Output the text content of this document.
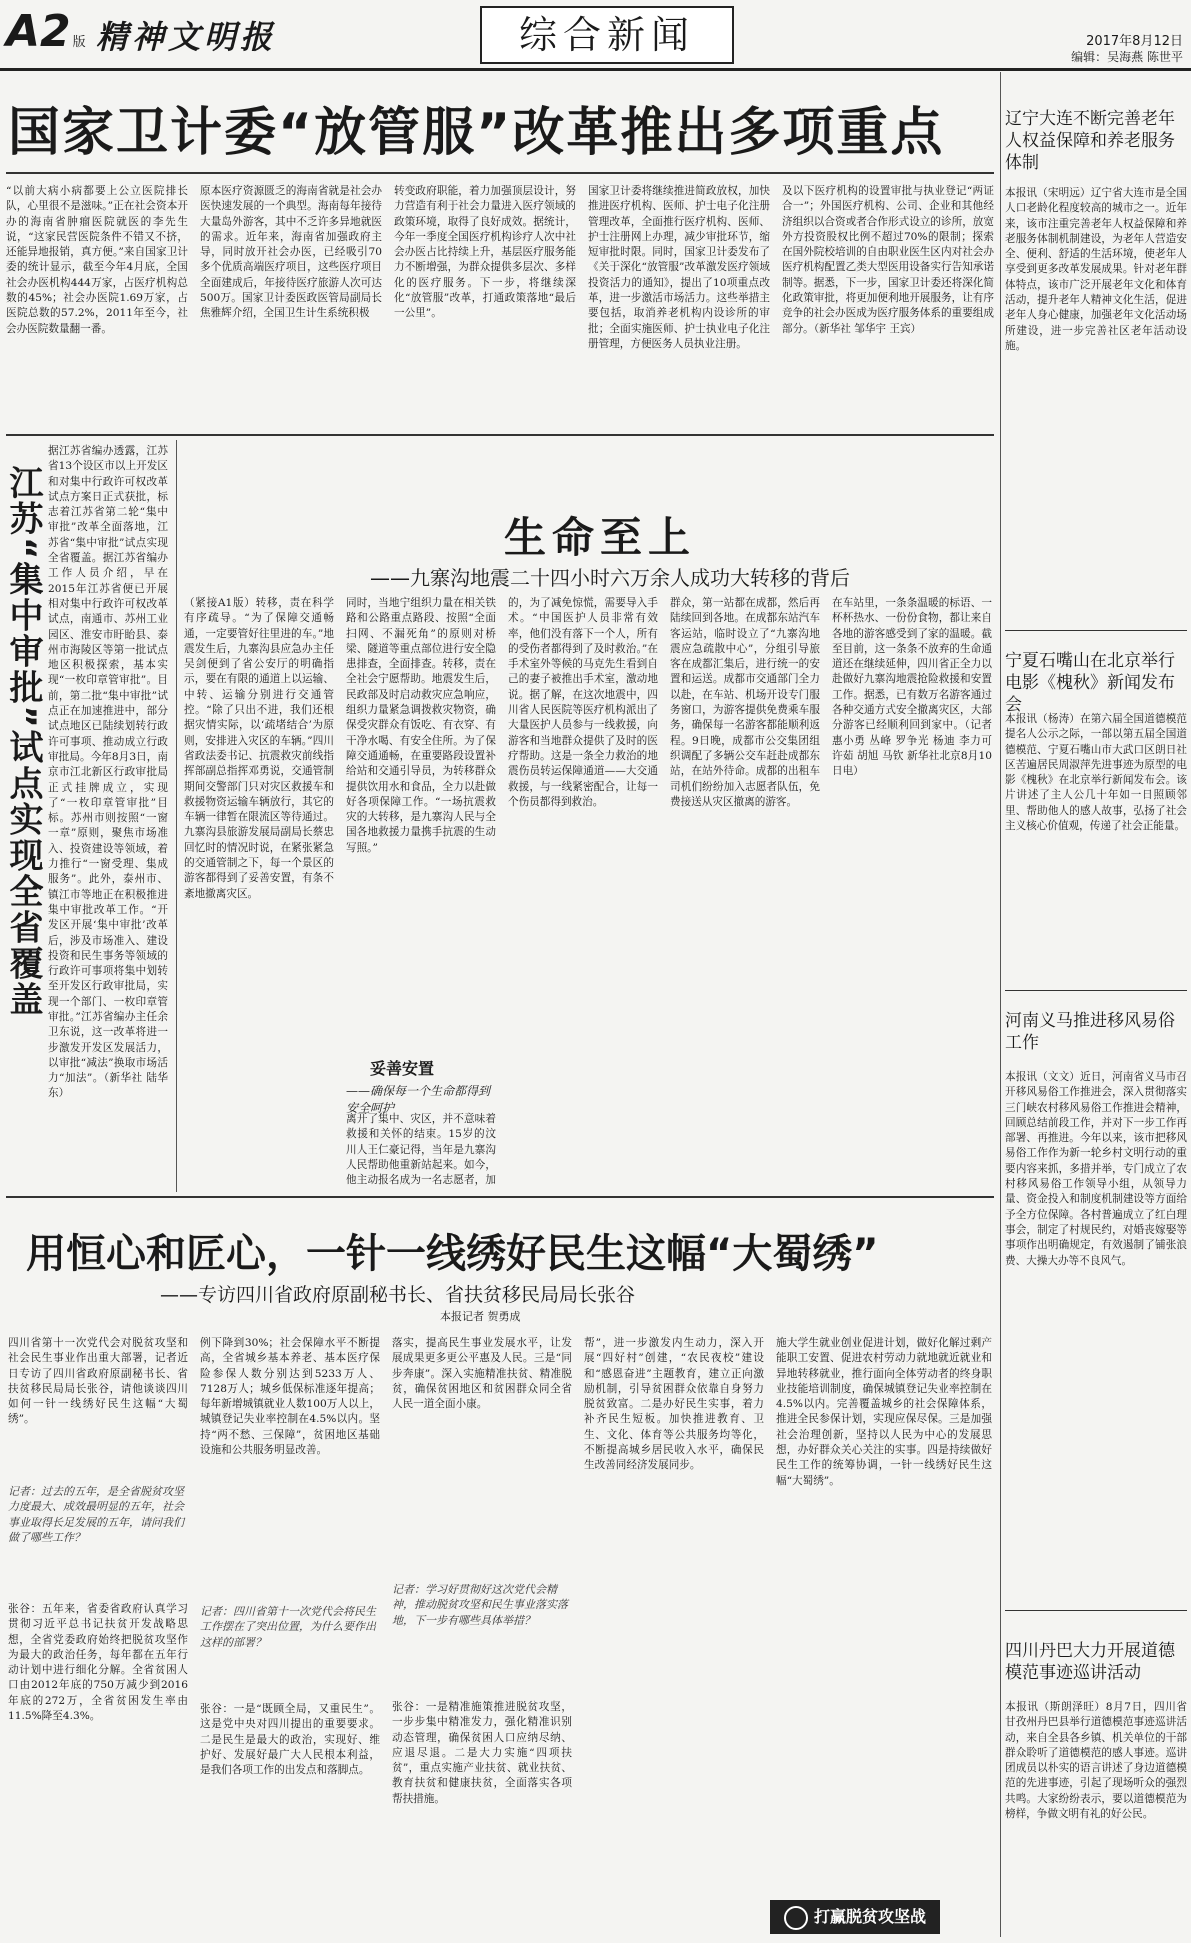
A2 版 精神文明报	综合新闻	2017年8月12日
编辑：吴海燕 陈世平
国家卫计委“放管服”改革推出多项重点
“以前大病小病都要上公立医院排长队，心里很不是滋味。”正在社会资本开办的海南省肿瘤医院就医的李先生说，“这家民营医院条件不错又不挤，还能异地报销，真方便。”来自国家卫计委的统计显示，截至今年4月底，全国社会办医机构444万家，占医疗机构总数的45%；社会办医院1.69万家，占医院总数的57.2%，2011年至今，社会办医院数量翻一番。
原本医疗资源匮乏的海南省就是社会办医快速发展的一个典型。海南每年接待大量岛外游客，其中不乏许多异地就医的需求。近年来，海南省加强政府主导，同时放开社会办医，已经吸引70多个优质高端医疗项目，这些医疗项目全面建成后，年接待医疗旅游人次可达500万。国家卫计委医政医管局副局长焦雅辉介绍，全国卫生计生系统积极
转变政府职能，着力加强顶层设计，努力营造有利于社会力量进入医疗领域的政策环境，取得了良好成效。据统计，今年一季度全国医疗机构诊疗人次中社会办医占比持续上升，基层医疗服务能力不断增强，为群众提供多层次、多样化的医疗服务。下一步，将继续深化“放管服”改革，打通政策落地“最后一公里”。
国家卫计委将继续推进简政放权，加快推进医疗机构、医师、护士电子化注册管理改革，全面推行医疗机构、医师、护士注册网上办理，减少审批环节，缩短审批时限。同时，国家卫计委发布了《关于深化“放管服”改革激发医疗领域投资活力的通知》，提出了10项重点改革，进一步激活市场活力。这些举措主要包括，取消养老机构内设诊所的审批；全面实施医师、护士执业电子化注册管理，方便医务人员执业注册。
及以下医疗机构的设置审批与执业登记“两证合一”；外国医疗机构、公司、企业和其他经济组织以合资或者合作形式设立的诊所，放宽外方投资股权比例不超过70%的限制；探索在国外院校培训的自由职业医生区内对社会办医疗机构配置乙类大型医用设备实行告知承诺制等。据悉，下一步，国家卫计委还将深化简化政策审批，将更加便利地开展服务，让有序竞争的社会办医成为医疗服务体系的重要组成部分。（新华社 邹华宇 王宾）
江苏“集中审批”试点实现全省覆盖
据江苏省编办透露，江苏省13个设区市以上开发区和对集中行政许可权改革试点方案日正式获批，标志着江苏省第二轮“集中审批”改革全面落地，江苏省“集中审批”试点实现全省覆盖。据江苏省编办工作人员介绍，早在2015年江苏省便已开展相对集中行政许可权改革试点，南通市、苏州工业园区、淮安市盱眙县、泰州市海陵区等第一批试点地区积极探索，基本实现“一枚印章管审批”。目前，第二批“集中审批”试点正在加速推进中，部分试点地区已陆续划转行政许可事项、推动成立行政审批局。今年8月3日，南京市江北新区行政审批局正式挂牌成立，实现了“一枚印章管审批”目标。苏州市则按照“一窗一章”原则，聚焦市场准入、投资建设等领域，着力推行“一窗受理、集成服务”。此外，泰州市、镇江市等地正在积极推进集中审批改革工作。“开发区开展‘集中审批’改革后，涉及市场准入、建设投资和民生事务等领域的行政许可事项将集中划转至开发区行政审批局，实现一个部门、一枚印章管审批。”江苏省编办主任余卫东说，这一改革将进一步激发开发区发展活力，以审批“减法”换取市场活力“加法”。（新华社 陆华东）
生命至上
——九寨沟地震二十四小时六万余人成功大转移的背后
（紧接A1版）转移，责在科学有序疏导。“为了保障交通畅通，一定要管好往里进的车。”地震发生后，九寨沟县应急办主任吴剑便到了省公安厅的明确指示，要在有限的通道上以运输、中转、运输分别进行交通管控。“除了只出不进，我们还根据灾情实际，以‘疏堵结合’为原则，安排进入灾区的车辆。”四川省政法委书记、抗震救灾前线指挥部副总指挥邓勇说，交通管制期间交警部门只对灾区救援车和救援物资运输车辆放行，其它的车辆一律暂在限流区等待通过。九寨沟县旅游发展局副局长蔡忠回忆时的情况时说，在紧张紧急的交通管制之下，每一个景区的游客都得到了妥善安置，有条不紊地撤离灾区。
同时，当地宁组织力量在相关铁路和公路重点路段、按照“全面扫网、不漏死角”的原则对桥梁、隧道等重点部位进行安全隐患排查，全面排查。转移，责在全社会宁愿帮助。地震发生后，民政部及时启动救灾应急响应，组织力量紧急调拨救灾物资，确保受灾群众有饭吃、有衣穿、有干净水喝、有安全住所。为了保障交通通畅，在重要路段设置补给站和交通引导员，为转移群众提供饮用水和食品，全力以赴做好各项保障工作。“一场抗震救灾的大转移，是九寨沟人民与全国各地救援力量携手抗震的生动写照。”
妥善安置
——确保每一个生命都得到安全呵护
离开了集中、灾区，并不意味着救援和关怀的结束。15岁的汶川人王仁豪记得，当年是九寨沟人民帮助他重新站起来。如今，他主动报名成为一名志愿者，加
的，为了减免惊慌，需要导入手术。“中国医护人员非常有效率，他们没有落下一个人，所有的受伤者都得到了及时救治。”在手术室外等候的马克先生看到自己的妻子被推出手术室，激动地说。据了解，在这次地震中，四川省人民医院等医疗机构派出了大量医护人员参与一线救援，向游客和当地群众提供了及时的医疗帮助。这是一条全力救治的地震伤员转运保障通道——大交通救援，与一线紧密配合，让每一个伤员都得到救治。
群众，第一站都在成都，然后再陆续回到各地。在成都东站汽车客运站，临时设立了“九寨沟地震应急疏散中心”，分组引导旅客在成都汇集后，进行统一的安置和运送。成都市交通部门全力以赴，在车站、机场开设专门服务窗口，为游客提供免费乘车服务，确保每一名游客都能顺利返程。9日晚，成都市公交集团组织调配了多辆公交车赶赴成都东站，在站外待命。成都的出租车司机们纷纷加入志愿者队伍，免费接送从灾区撤离的游客。
在车站里，一条条温暖的标语、一杯杯热水、一份份食物，都让来自各地的游客感受到了家的温暖。截至目前，这一条条不放弃的生命通道还在继续延伸，四川省正全力以赴做好九寨沟地震抢险救援和安置工作。据悉，已有数万名游客通过各种交通方式安全撤离灾区，大部分游客已经顺利回到家中。（记者 惠小勇 丛峰 罗争光 杨迪 李力可 许茹 胡旭 马钦 新华社北京8月10日电）
用恒心和匠心，一针一线绣好民生这幅“大蜀绣”
——专访四川省政府原副秘书长、省扶贫移民局局长张谷
本报记者 贺勇成
四川省第十一次党代会对脱贫攻坚和社会民生事业作出重大部署，记者近日专访了四川省政府原副秘书长、省扶贫移民局局长张谷，请他谈谈四川如何一针一线绣好民生这幅“大蜀绣”。
记者：过去的五年，是全省脱贫攻坚力度最大、成效最明显的五年，社会事业取得长足发展的五年，请问我们做了哪些工作？
张谷：五年来，省委省政府认真学习贯彻习近平总书记扶贫开发战略思想，全省党委政府始终把脱贫攻坚作为最大的政治任务，每年都在五年行动计划中进行细化分解。全省贫困人口由2012年底的750万减少到2016年底的272万，全省贫困发生率由11.5%降至4.3%。
例下降到30%；社会保障水平不断提高，全省城乡基本养老、基本医疗保险参保人数分别达到5233万人、7128万人；城乡低保标准逐年提高；每年新增城镇就业人数100万人以上，城镇登记失业率控制在4.5%以内。坚持“两不愁、三保障”，贫困地区基础设施和公共服务明显改善。
记者：四川省第十一次党代会将民生工作摆在了突出位置，为什么要作出这样的部署？
张谷：一是“既顾全局，又重民生”。这是党中央对四川提出的重要要求。二是民生是最大的政治，实现好、维护好、发展好最广大人民根本利益，是我们各项工作的出发点和落脚点。
落实，提高民生事业发展水平，让发展成果更多更公平惠及人民。三是“同步奔康”。深入实施精准扶贫、精准脱贫，确保贫困地区和贫困群众同全省人民一道全面小康。
记者：学习好贯彻好这次党代会精神，推动脱贫攻坚和民生事业落实落地，下一步有哪些具体举措？
张谷：一是精准施策推进脱贫攻坚，一步步集中精准发力，强化精准识别动态管理，确保贫困人口应纳尽纳、应退尽退。二是大力实施“四项扶贫”，重点实施产业扶贫、就业扶贫、教育扶贫和健康扶贫，全面落实各项帮扶措施。
帮”，进一步激发内生动力，深入开展“四好村”创建，“农民夜校”建设和“感恩奋进”主题教育，建立正向激励机制，引导贫困群众依靠自身努力脱贫致富。二是办好民生实事，着力补齐民生短板。加快推进教育、卫生、文化、体育等公共服务均等化，不断提高城乡居民收入水平，确保民生改善同经济发展同步。
施大学生就业创业促进计划，做好化解过剩产能职工安置、促进农村劳动力就地就近就业和异地转移就业，推行面向全体劳动者的终身职业技能培训制度，确保城镇登记失业率控制在4.5%以内。完善覆盖城乡的社会保障体系，推进全民参保计划，实现应保尽保。三是加强社会治理创新，坚持以人民为中心的发展思想，办好群众关心关注的实事。四是持续做好民生工作的统筹协调，一针一线绣好民生这幅“大蜀绣”。
打赢脱贫攻坚战
辽宁大连不断完善老年人权益保障和养老服务体制
本报讯（宋明远）辽宁省大连市是全国人口老龄化程度较高的城市之一。近年来，该市注重完善老年人权益保障和养老服务体制机制建设，为老年人营造安全、便利、舒适的生活环境，使老年人享受到更多改革发展成果。针对老年群体特点，该市广泛开展老年文化和体育活动，提升老年人精神文化生活，促进老年人身心健康，加强老年文化活动场所建设，进一步完善社区老年活动设施。
宁夏石嘴山在北京举行电影《槐秋》新闻发布会
本报讯（杨涛）在第六届全国道德模范提名人公示之际，一部以第五届全国道德模范、宁夏石嘴山市大武口区朗日社区苦遍居民周淑萍先进事迹为原型的电影《槐秋》在北京举行新闻发布会。该片讲述了主人公几十年如一日照顾邻里、帮助他人的感人故事，弘扬了社会主义核心价值观，传递了社会正能量。
河南义马推进移风易俗工作
本报讯（文文）近日，河南省义马市召开移风易俗工作推进会，深入贯彻落实三门峡农村移风易俗工作推进会精神，回顾总结前段工作，并对下一步工作再部署、再推进。今年以来，该市把移风易俗工作作为新一轮乡村文明行动的重要内容来抓，多措并举，专门成立了农村移风易俗工作领导小组，从领导力量、资金投入和制度机制建设等方面给予全方位保障。各村普遍成立了红白理事会，制定了村规民约，对婚丧嫁娶等事项作出明确规定，有效遏制了铺张浪费、大操大办等不良风气。
四川丹巴大力开展道德模范事迹巡讲活动
本报讯（斯朗泽旺）8月7日，四川省甘孜州丹巴县举行道德模范事迹巡讲活动，来自全县各乡镇、机关单位的干部群众聆听了道德模范的感人事迹。巡讲团成员以朴实的语言讲述了身边道德模范的先进事迹，引起了现场听众的强烈共鸣。大家纷纷表示，要以道德模范为榜样，争做文明有礼的好公民。
